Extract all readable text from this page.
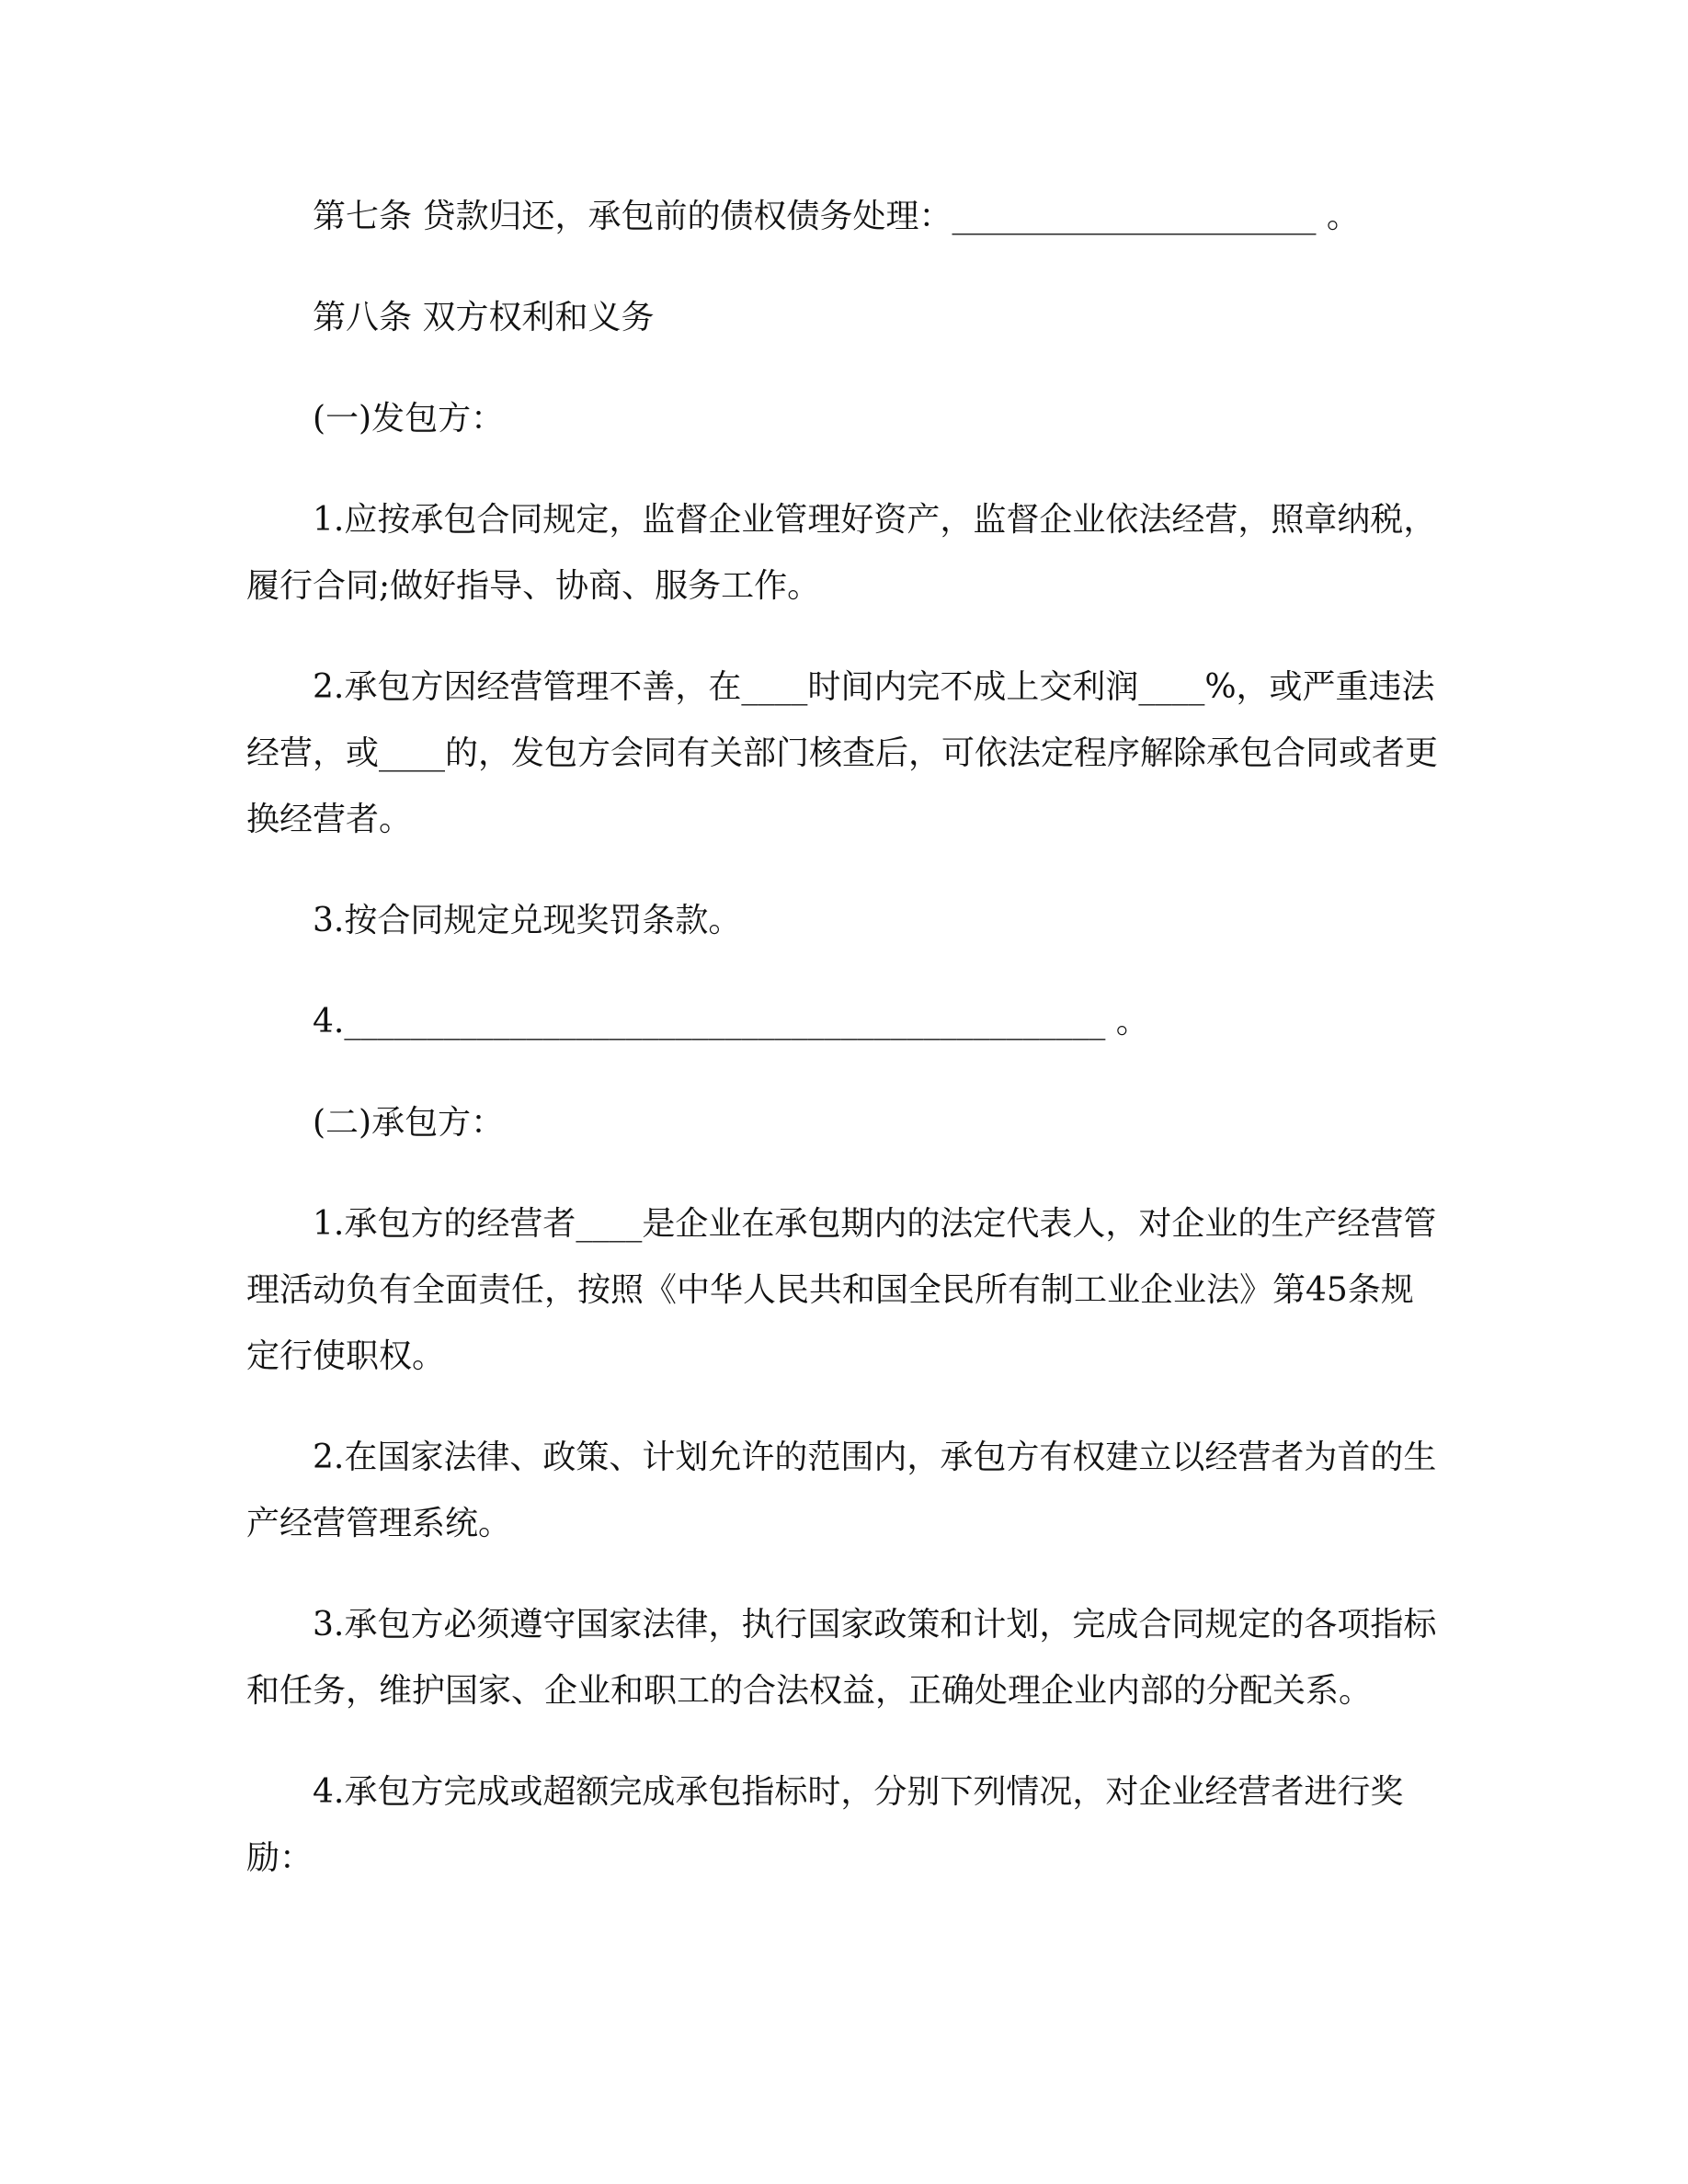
第七条 贷款归还，承包前的债权债务处理：______________________ 。

第八条 双方权利和义务

(一)发包方：

1.应按承包合同规定，监督企业管理好资产，监督企业依法经营，照章纳税，履行合同;做好指导、协商、服务工作。

2.承包方因经营管理不善，在____时间内完不成上交利润____%，或严重违法经营，或____的，发包方会同有关部门核查后，可依法定程序解除承包合同或者更换经营者。

3.按合同规定兑现奖罚条款。

4.______________________________________________ 。

(二)承包方：

1.承包方的经营者____是企业在承包期内的法定代表人，对企业的生产经营管理活动负有全面责任，按照《中华人民共和国全民所有制工业企业法》第45条规定行使职权。

2.在国家法律、政策、计划允许的范围内，承包方有权建立以经营者为首的生产经营管理系统。

3.承包方必须遵守国家法律，执行国家政策和计划，完成合同规定的各项指标和任务，维护国家、企业和职工的合法权益，正确处理企业内部的分配关系。

4.承包方完成或超额完成承包指标时，分别下列情况，对企业经营者进行奖励：
